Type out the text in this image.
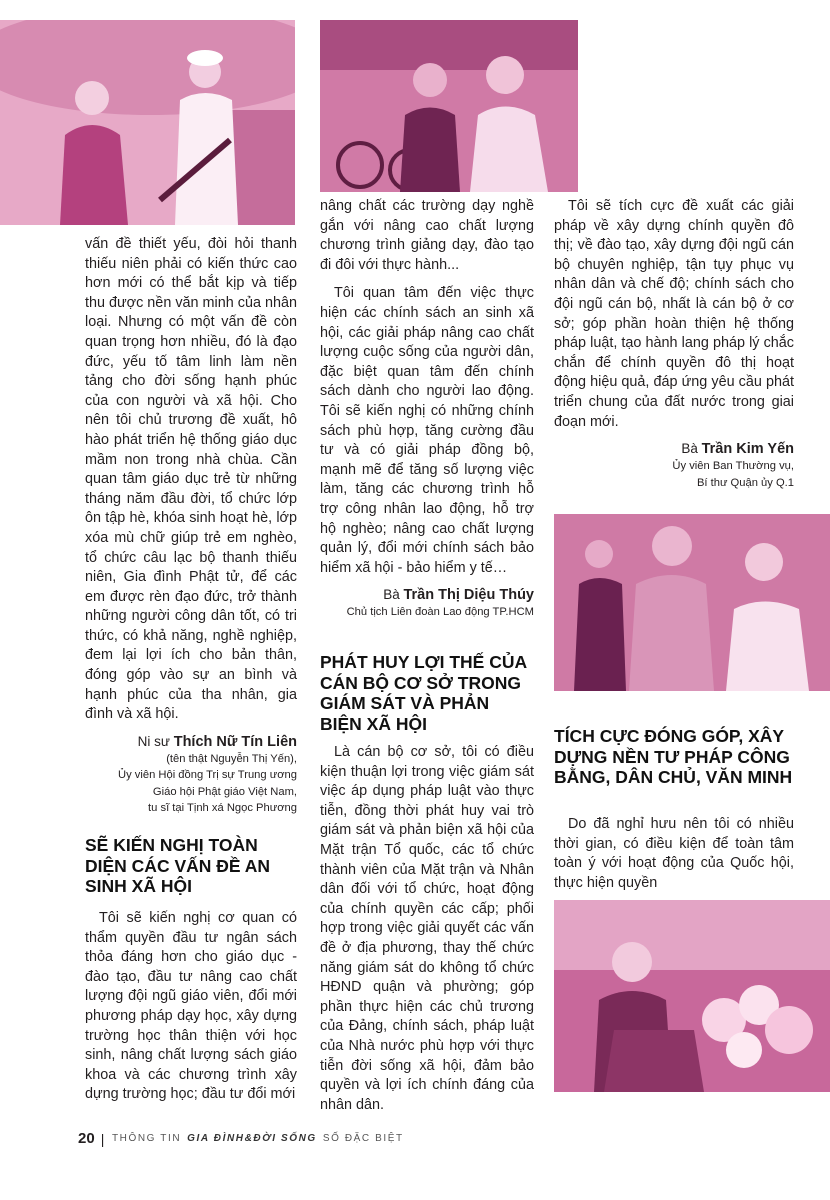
vấn đề thiết yếu, đòi hỏi thanh thiếu niên phải có kiến thức cao hơn mới có thể bắt kịp và tiếp thu được nền văn minh của nhân loại. Nhưng có một vấn đề còn quan trọng hơn nhiều, đó là đạo đức, yếu tố tâm linh làm nền tảng cho đời sống hạnh phúc của con người và xã hội. Cho nên tôi chủ trương đề xuất, hô hào phát triển hệ thống giáo dục mầm non trong nhà chùa. Cần quan tâm giáo dục trẻ từ những tháng năm đầu đời, tổ chức lớp ôn tập hè, khóa sinh hoạt hè, lớp xóa mù chữ giúp trẻ em nghèo, tổ chức câu lạc bộ thanh thiếu niên, Gia đình Phật tử, để các em được rèn đạo đức, trở thành những người công dân tốt, có tri thức, có khả năng, nghề nghiệp, đem lại lợi ích cho bản thân, đóng góp vào sự an bình và hạnh phúc của tha nhân, gia đình và xã hội.

Ni sư Thích Nữ Tín Liên
(tên thật Nguyễn Thị Yến),
Ủy viên Hội đồng Trị sự Trung ương
Giáo hội Phật giáo Việt Nam,
tu sĩ tại Tịnh xá Ngọc Phương
SẼ KIẾN NGHỊ TOÀN DIỆN CÁC VẤN ĐỀ AN SINH XÃ HỘI

Tôi sẽ kiến nghị cơ quan có thẩm quyền đầu tư ngân sách thỏa đáng hơn cho giáo dục - đào tạo, đầu tư nâng cao chất lượng đội ngũ giáo viên, đổi mới phương pháp dạy học, xây dựng trường học thân thiện với học sinh, nâng chất lượng sách giáo khoa và các chương trình xây dựng trường học; đầu tư đổi mới

nâng chất các trường dạy nghề gắn với nâng cao chất lượng chương trình giảng dạy, đào tạo đi đôi với thực hành...

Tôi quan tâm đến việc thực hiện các chính sách an sinh xã hội, các giải pháp nâng cao chất lượng cuộc sống của người dân, đặc biệt quan tâm đến chính sách dành cho người lao động. Tôi sẽ kiến nghị có những chính sách phù hợp, tăng cường đầu tư và có giải pháp đồng bộ, mạnh mẽ để tăng số lượng việc làm, tăng các chương trình hỗ trợ công nhân lao động, hỗ trợ hộ nghèo; nâng cao chất lượng quản lý, đổi mới chính sách bảo hiểm xã hội - bảo hiểm y tế…

Bà Trần Thị Diệu Thúy
Chủ tịch Liên đoàn Lao động TP.HCM
PHÁT HUY LỢI THẾ CỦA CÁN BỘ CƠ SỞ TRONG GIÁM SÁT VÀ PHẢN BIỆN XÃ HỘI

Là cán bộ cơ sở, tôi có điều kiện thuận lợi trong việc giám sát việc áp dụng pháp luật vào thực tiễn, đồng thời phát huy vai trò giám sát và phản biện xã hội của Mặt trận Tổ quốc, các tổ chức thành viên của Mặt trận và Nhân dân đối với tổ chức, hoạt động của chính quyền các cấp; phối hợp trong việc giải quyết các vấn đề ở địa phương, thay thế chức năng giám sát do không tổ chức HĐND quận và phường; góp phần thực hiện các chủ trương của Đảng, chính sách, pháp luật của Nhà nước phù hợp với thực tiễn đời sống xã hội, đảm bảo quyền và lợi ích chính đáng của nhân dân.

Tôi sẽ tích cực đề xuất các giải pháp về xây dựng chính quyền đô thị; về đào tạo, xây dựng đội ngũ cán bộ chuyên nghiệp, tận tụy phục vụ nhân dân và chế độ; chính sách cho đội ngũ cán bộ, nhất là cán bộ ở cơ sở; góp phần hoàn thiện hệ thống pháp luật, tạo hành lang pháp lý chắc chắn để chính quyền đô thị hoạt động hiệu quả, đáp ứng yêu cầu phát triển chung của đất nước trong giai đoạn mới.

Bà Trần Kim Yến
Ủy viên Ban Thường vụ,
Bí thư Quận ủy Q.1
TÍCH CỰC ĐÓNG GÓP, XÂY DỰNG NỀN TƯ PHÁP CÔNG BẰNG, DÂN CHỦ, VĂN MINH

Do đã nghỉ hưu nên tôi có nhiều thời gian, có điều kiện để toàn tâm toàn ý với hoạt động của Quốc hội, thực hiện quyền

20 | THÔNG TIN GIA ĐÌNH&ĐỜI SỐNG SỐ ĐẶC BIỆT
